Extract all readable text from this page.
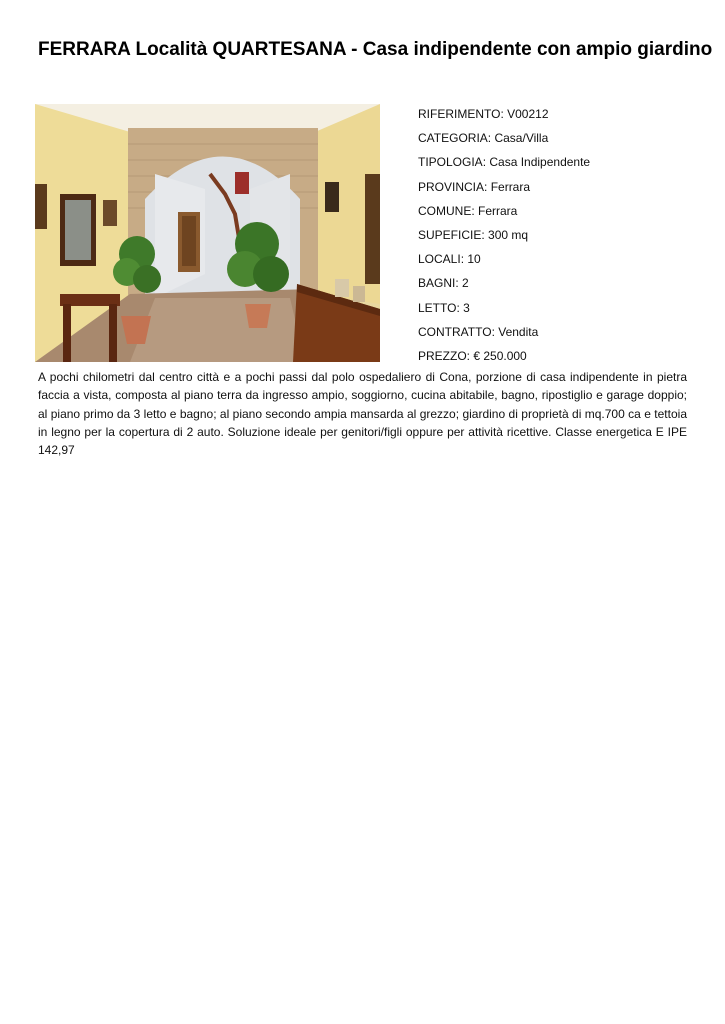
FERRARA Località QUARTESANA - Casa indipendente con ampio giardino
RIFERIMENTO: V00212
CATEGORIA: Casa/Villa
TIPOLOGIA: Casa Indipendente
PROVINCIA: Ferrara
COMUNE: Ferrara
SUPEFICIE: 300 mq
LOCALI: 10
BAGNI: 2
LETTO: 3
CONTRATTO: Vendita
PREZZO: € 250.000

A pochi chilometri dal centro città e a pochi passi dal polo ospedaliero di Cona, porzione di casa indipendente in pietra faccia a vista, composta al piano terra da ingresso ampio, soggiorno, cucina abitabile, bagno, ripostiglio e garage doppio; al piano primo da 3 letto e bagno; al piano secondo ampia mansarda al grezzo; giardino di proprietà di mq.700 ca e tettoia in legno per la copertura di 2 auto. Soluzione ideale per genitori/figli oppure per attività ricettive. Classe energetica E IPE 142,97
